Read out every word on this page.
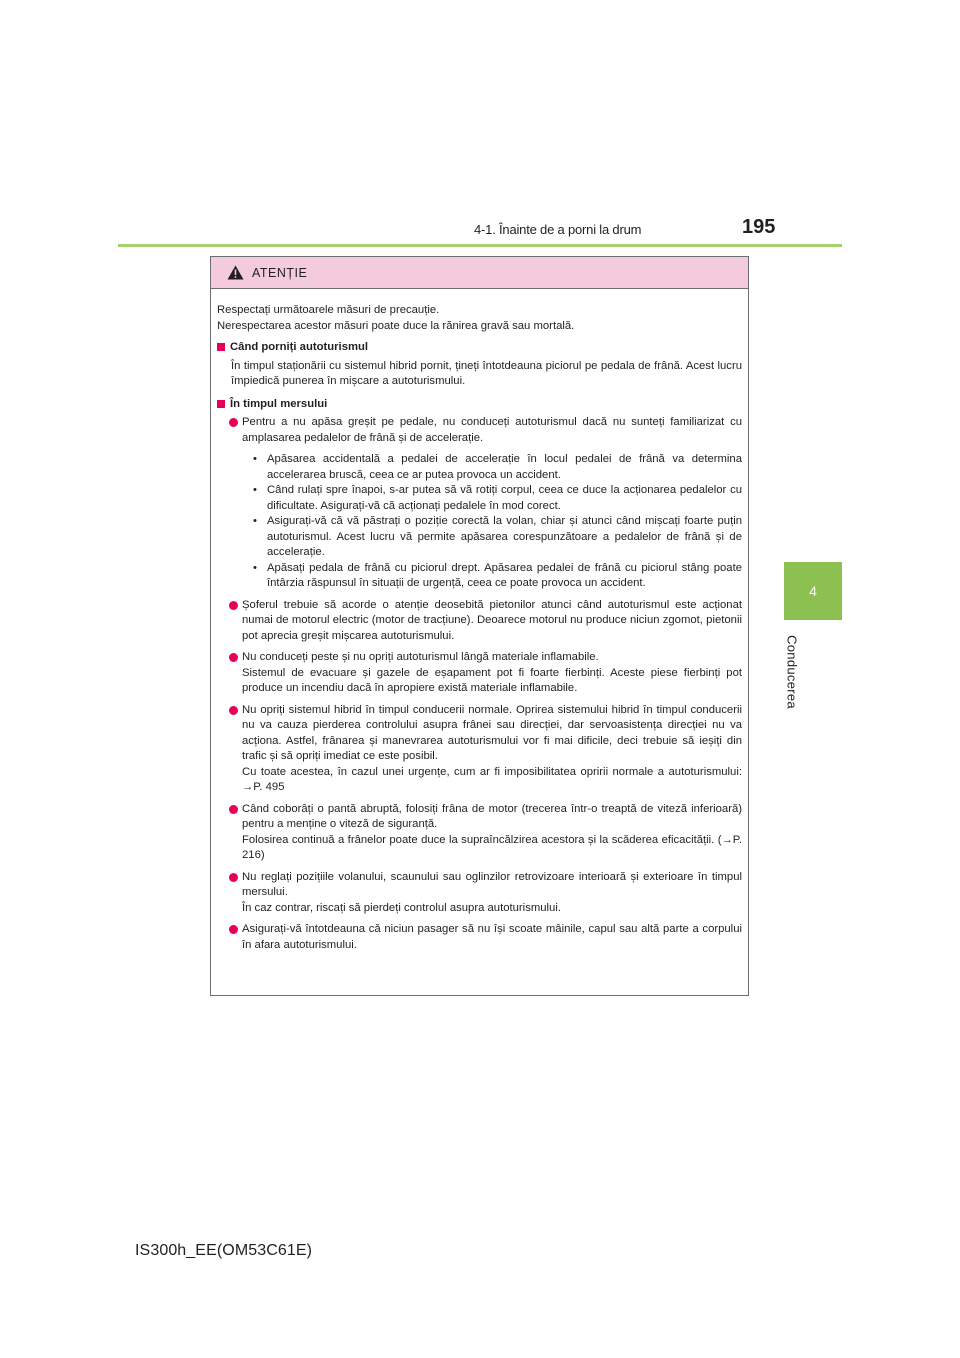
4-1. Înainte de a porni la drum	195
4
Conducerea
ATENȚIE
Respectați următoarele măsuri de precauție.
Nerespectarea acestor măsuri poate duce la rănirea gravă sau mortală.
Când porniți autoturismul
În timpul staționării cu sistemul hibrid pornit, țineți întotdeauna piciorul pe pedala de frână. Acest lucru împiedică punerea în mișcare a autoturismului.
În timpul mersului
Pentru a nu apăsa greșit pe pedale, nu conduceți autoturismul dacă nu sunteți familiarizat cu amplasarea pedalelor de frână și de accelerație.
• Apăsarea accidentală a pedalei de accelerație în locul pedalei de frână va determina accelerarea bruscă, ceea ce ar putea provoca un accident.
• Când rulați spre înapoi, s-ar putea să vă rotiți corpul, ceea ce duce la acționarea pedalelor cu dificultate. Asigurați-vă că acționați pedalele în mod corect.
• Asigurați-vă că vă păstrați o poziție corectă la volan, chiar și atunci când mișcați foarte puțin autoturismul. Acest lucru vă permite apăsarea corespunzătoare a pedalelor de frână și de accelerație.
• Apăsați pedala de frână cu piciorul drept. Apăsarea pedalei de frână cu piciorul stâng poate întârzia răspunsul în situații de urgență, ceea ce poate provoca un accident.
Șoferul trebuie să acorde o atenție deosebită pietonilor atunci când autoturismul este acționat numai de motorul electric (motor de tracțiune). Deoarece motorul nu produce niciun zgomot, pietonii pot aprecia greșit mișcarea autoturismului.
Nu conduceți peste și nu opriți autoturismul lângă materiale inflamabile.
Sistemul de evacuare și gazele de eșapament pot fi foarte fierbinți. Aceste piese fierbinți pot produce un incendiu dacă în apropiere există materiale inflamabile.
Nu opriți sistemul hibrid în timpul conducerii normale. Oprirea sistemului hibrid în timpul conducerii nu va cauza pierderea controlului asupra frânei sau direcției, dar servoasistența direcției nu va acționa. Astfel, frânarea și manevrarea autoturismului vor fi mai dificile, deci trebuie să ieșiți din trafic și să opriți imediat ce este posibil.
Cu toate acestea, în cazul unei urgențe, cum ar fi imposibilitatea opririi normale a autoturismului: →P. 495
Când coborâți o pantă abruptă, folosiți frâna de motor (trecerea într-o treaptă de viteză inferioară) pentru a menține o viteză de siguranță.
Folosirea continuă a frânelor poate duce la supraîncălzirea acestora și la scăderea eficacității. (→P. 216)
Nu reglați pozițiile volanului, scaunului sau oglinzilor retrovizoare interioară și exterioare în timpul mersului.
În caz contrar, riscați să pierdeți controlul asupra autoturismului.
Asigurați-vă întotdeauna că niciun pasager să nu își scoate mâinile, capul sau altă parte a corpului în afara autoturismului.
IS300h_EE(OM53C61E)
